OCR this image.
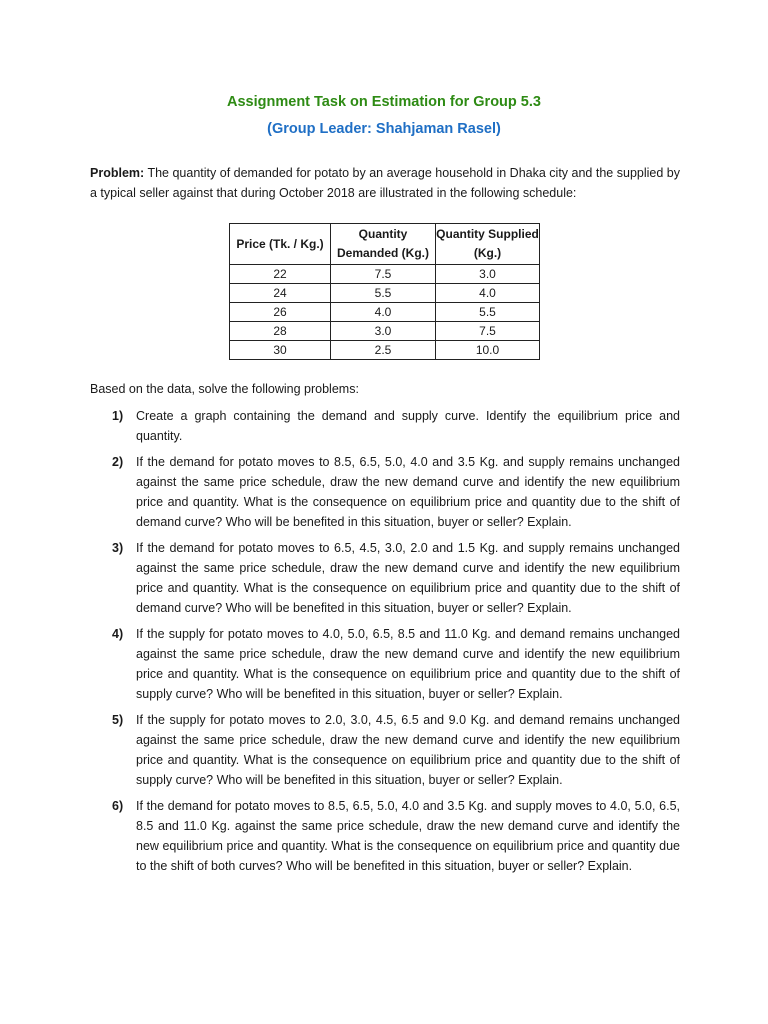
Assignment Task on Estimation for Group 5.3
(Group Leader: Shahjaman Rasel)
Problem: The quantity of demanded for potato by an average household in Dhaka city and the supplied by a typical seller against that during October 2018 are illustrated in the following schedule:
Price (Tk. / Kg.)	Quantity Demanded (Kg.)	Quantity Supplied (Kg.)
22	7.5	3.0
24	5.5	4.0
26	4.0	5.5
28	3.0	7.5
30	2.5	10.0
Based on the data, solve the following problems:
1) Create a graph containing the demand and supply curve. Identify the equilibrium price and quantity.
2) If the demand for potato moves to 8.5, 6.5, 5.0, 4.0 and 3.5 Kg. and supply remains unchanged against the same price schedule, draw the new demand curve and identify the new equilibrium price and quantity. What is the consequence on equilibrium price and quantity due to the shift of demand curve? Who will be benefited in this situation, buyer or seller? Explain.
3) If the demand for potato moves to 6.5, 4.5, 3.0, 2.0 and 1.5 Kg. and supply remains unchanged against the same price schedule, draw the new demand curve and identify the new equilibrium price and quantity. What is the consequence on equilibrium price and quantity due to the shift of demand curve? Who will be benefited in this situation, buyer or seller? Explain.
4) If the supply for potato moves to 4.0, 5.0, 6.5, 8.5 and 11.0 Kg. and demand remains unchanged against the same price schedule, draw the new demand curve and identify the new equilibrium price and quantity. What is the consequence on equilibrium price and quantity due to the shift of supply curve? Who will be benefited in this situation, buyer or seller? Explain.
5) If the supply for potato moves to 2.0, 3.0, 4.5, 6.5 and 9.0 Kg. and demand remains unchanged against the same price schedule, draw the new demand curve and identify the new equilibrium price and quantity. What is the consequence on equilibrium price and quantity due to the shift of supply curve? Who will be benefited in this situation, buyer or seller? Explain.
6) If the demand for potato moves to 8.5, 6.5, 5.0, 4.0 and 3.5 Kg. and supply moves to 4.0, 5.0, 6.5, 8.5 and 11.0 Kg. against the same price schedule, draw the new demand curve and identify the new equilibrium price and quantity. What is the consequence on equilibrium price and quantity due to the shift of both curves? Who will be benefited in this situation, buyer or seller? Explain.
